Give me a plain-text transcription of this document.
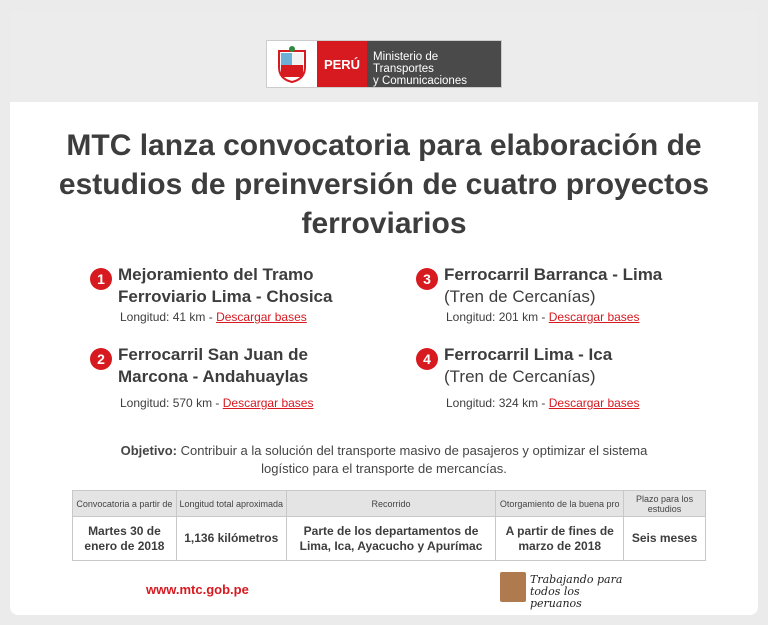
PERÚ	Ministerio de Transportes
y Comunicaciones
MTC lanza convocatoria para elaboración de estudios de preinversión de cuatro proyectos ferroviarios
1 Mejoramiento del Tramo
Ferroviario Lima - Chosica
Longitud: 41 km - Descargar bases
2 Ferrocarril San Juan de
Marcona - Andahuaylas
Longitud: 570 km - Descargar bases
3 Ferrocarril Barranca - Lima
(Tren de Cercanías)
Longitud: 201 km - Descargar bases
4 Ferrocarril Lima - Ica
(Tren de Cercanías)
Longitud: 324 km - Descargar bases
Objetivo: Contribuir a la solución del transporte masivo de pasajeros y optimizar el sistema logístico para el transporte de mercancías.
Convocatoria a partir de	Longitud total aproximada	Recorrido	Otorgamiento de la buena pro	Plazo para los estudios
Martes 30 de enero de 2018	1,136 kilómetros	Parte de los departamentos de Lima, Ica, Ayacucho y Apurímac	A partir de fines de marzo de 2018	Seis meses
www.mtc.gob.pe
Trabajando para
todos los peruanos
